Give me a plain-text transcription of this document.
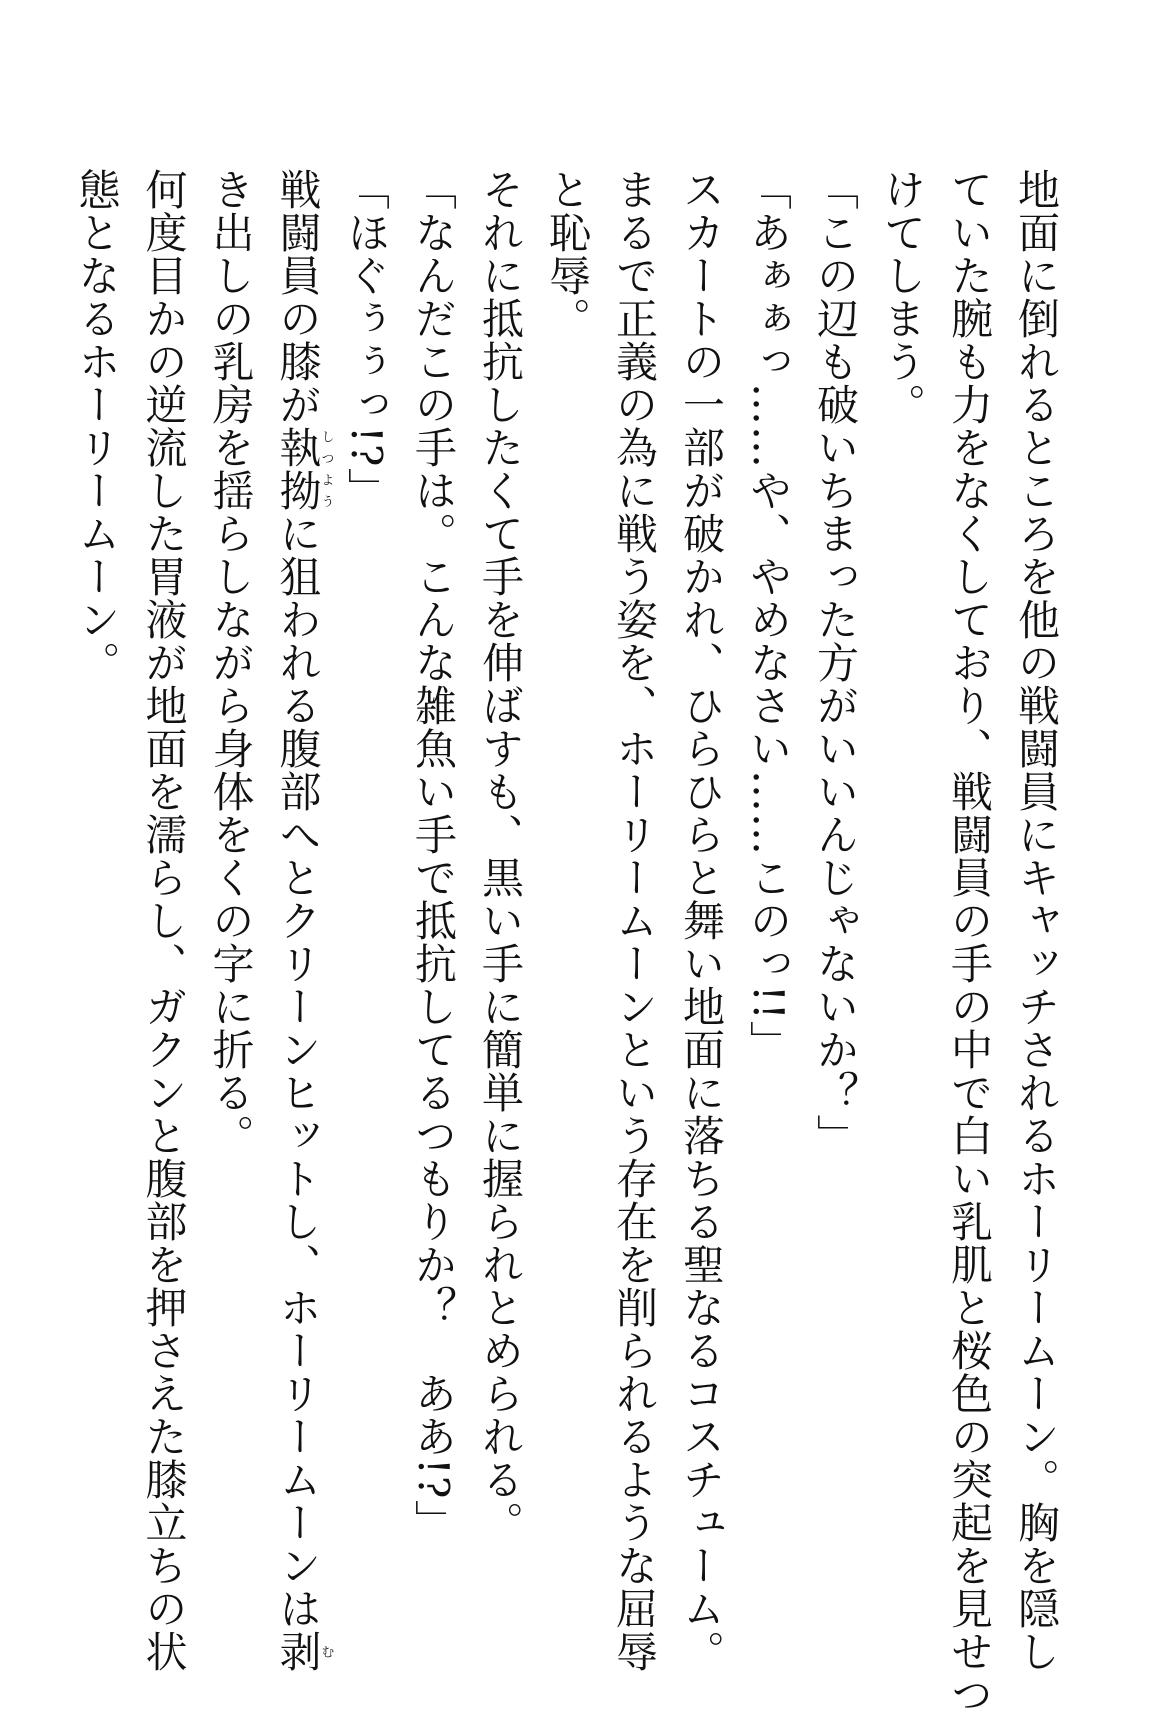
地面に倒れるところを他の戦闘員にキャッチされるホーリームーン。胸を隠し
ていた腕も力をなくしており、戦闘員の手の中で白い乳肌と桜色の突起を見せつ
けてしまう。
「この辺も破いちまった方がいいんじゃないか？」
「あぁぁっ……や、やめなさい……このっ!!」
スカートの一部が破かれ、ひらひらと舞い地面に落ちる聖なるコスチューム。
まるで正義の為に戦う姿を、ホーリームーンという存在を削られるような屈辱
と恥辱。
それに抵抗したくて手を伸ばすも、黒い手に簡単に握られとめられる。
「なんだこの手は。こんな雑魚い手で抵抗してるつもりか？　ああ!?」
「ほぐぅぅっ!?」
戦闘員の膝が執拗しつように狙われる腹部へとクリーンヒットし、ホーリームーンは剥む
き出しの乳房を揺らしながら身体をくの字に折る。
何度目かの逆流した胃液が地面を濡らし、ガクンと腹部を押さえた膝立ちの状
態となるホーリームーン。
